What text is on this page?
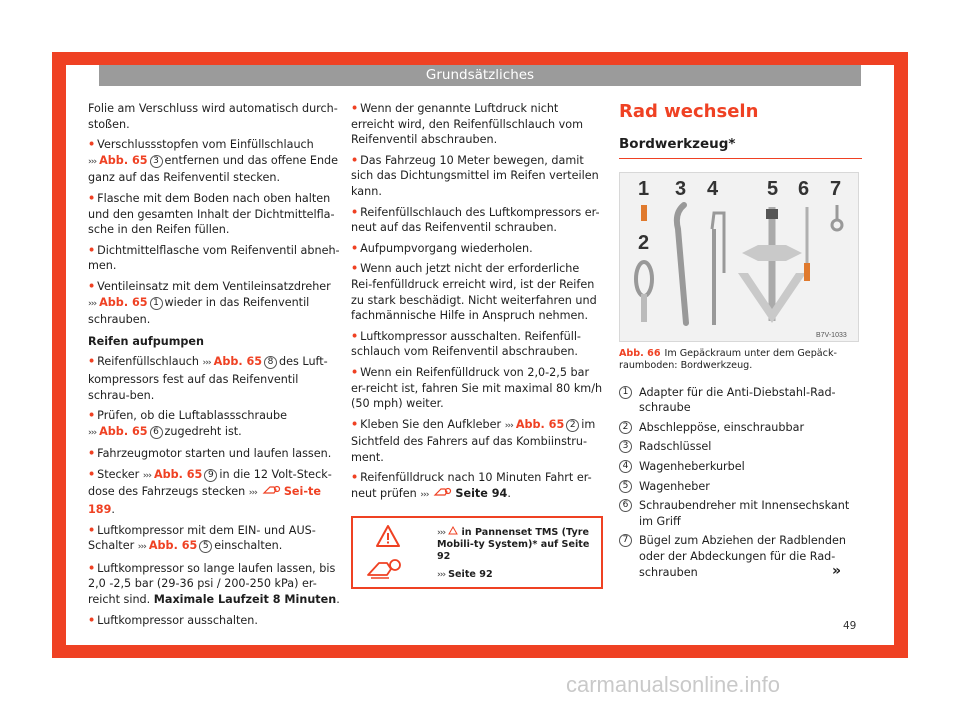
Grundsätzliches

Folie am Verschluss wird automatisch durch-stoßen.

• Verschlussstopfen vom Einfüllschlauch
››› Abb. 65 3 entfernen und das offene Ende ganz auf das Reifenventil stecken.

• Flasche mit dem Boden nach oben halten und den gesamten Inhalt der Dichtmittelfla-sche in den Reifen füllen.

• Dichtmittelflasche vom Reifenventil abneh-men.

• Ventileinsatz mit dem Ventileinsatzdreher
››› Abb. 65 1 wieder in das Reifenventil schrauben.

Reifen aufpumpen

• Reifenfüllschlauch ››› Abb. 65 8 des Luft-kompressors fest auf das Reifenventil schrau-ben.

• Prüfen, ob die Luftablassschraube
››› Abb. 65 6 zugedreht ist.

• Fahrzeugmotor starten und laufen lassen.

• Stecker ››› Abb. 65 9 in die 12 Volt-Steck-dose des Fahrzeugs stecken ››› Sei-te 189.

• Luftkompressor mit dem EIN- und AUS-Schalter ››› Abb. 65 5 einschalten.

• Luftkompressor so lange laufen lassen, bis 2,0 -2,5 bar (29-36 psi / 200-250 kPa) er-reicht sind. Maximale Laufzeit 8 Minuten.

• Luftkompressor ausschalten.

• Wenn der genannte Luftdruck nicht erreicht wird, den Reifenfüllschlauch vom Reifenventil abschrauben.

• Das Fahrzeug 10 Meter bewegen, damit sich das Dichtungsmittel im Reifen verteilen kann.

• Reifenfüllschlauch des Luftkompressors er-neut auf das Reifenventil schrauben.

• Aufpumpvorgang wiederholen.

• Wenn auch jetzt nicht der erforderliche Rei-fenfülldruck erreicht wird, ist der Reifen zu stark beschädigt. Nicht weiterfahren und fachmännische Hilfe in Anspruch nehmen.

• Luftkompressor ausschalten. Reifenfüll-schlauch vom Reifenventil abschrauben.

• Wenn ein Reifenfülldruck von 2,0-2,5 bar er-reicht ist, fahren Sie mit maximal 80 km/h (50 mph) weiter.

• Kleben Sie den Aufkleber ››› Abb. 65 2 im Sichtfeld des Fahrers auf das Kombiinstru-ment.

• Reifenfülldruck nach 10 Minuten Fahrt er-neut prüfen ››› Seite 94.

››› in Pannenset TMS (Tyre Mobili-ty System)* auf Seite 92
››› Seite 92
Rad wechseln
Bordwerkzeug*
1
2
3 4 5 6 7
B7V-1033
Abb. 66 Im Gepäckraum unter dem Gepäck-raumboden: Bordwerkzeug.
1 Adapter für die Anti-Diebstahl-Rad-schraube
2 Abschleppöse, einschraubbar
3 Radschlüssel
4 Wagenheberkurbel
5 Wagenheber
6 Schraubendreher mit Innensechskant im Griff
7 Bügel zum Abziehen der Radblenden oder der Abdeckungen für die Rad-schrauben	»
49
carmanualsonline.info
